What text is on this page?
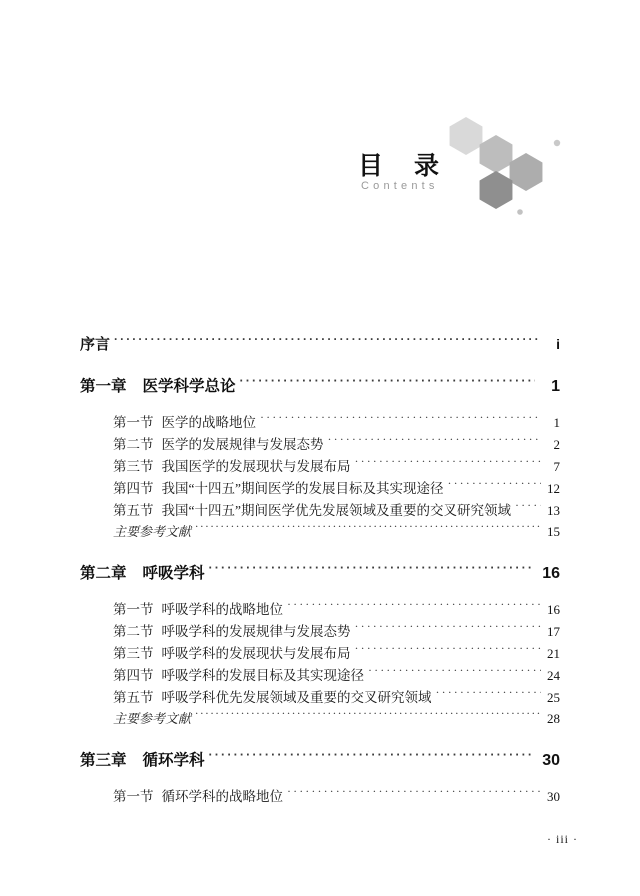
目 录
Contents
序言 ·····	i
第一章 医学科学总论 ·····	1
第一节 医学的战略地位 ·····	1
第二节 医学的发展规律与发展态势 ·····	2
第三节 我国医学的发展现状与发展布局 ·····	7
第四节 我国“十四五”期间医学的发展目标及其实现途径 ·····	12
第五节 我国“十四五”期间医学优先发展领域及重要的交叉研究领域 ·····	13
主要参考文献 ·····	15
第二章 呼吸学科 ·····	16
第一节 呼吸学科的战略地位 ·····	16
第二节 呼吸学科的发展规律与发展态势 ·····	17
第三节 呼吸学科的发展现状与发展布局 ·····	21
第四节 呼吸学科的发展目标及其实现途径 ·····	24
第五节 呼吸学科优先发展领域及重要的交叉研究领域 ·····	25
主要参考文献 ·····	28
第三章 循环学科 ·····	30
第一节 循环学科的战略地位 ·····	30
· iii ·
